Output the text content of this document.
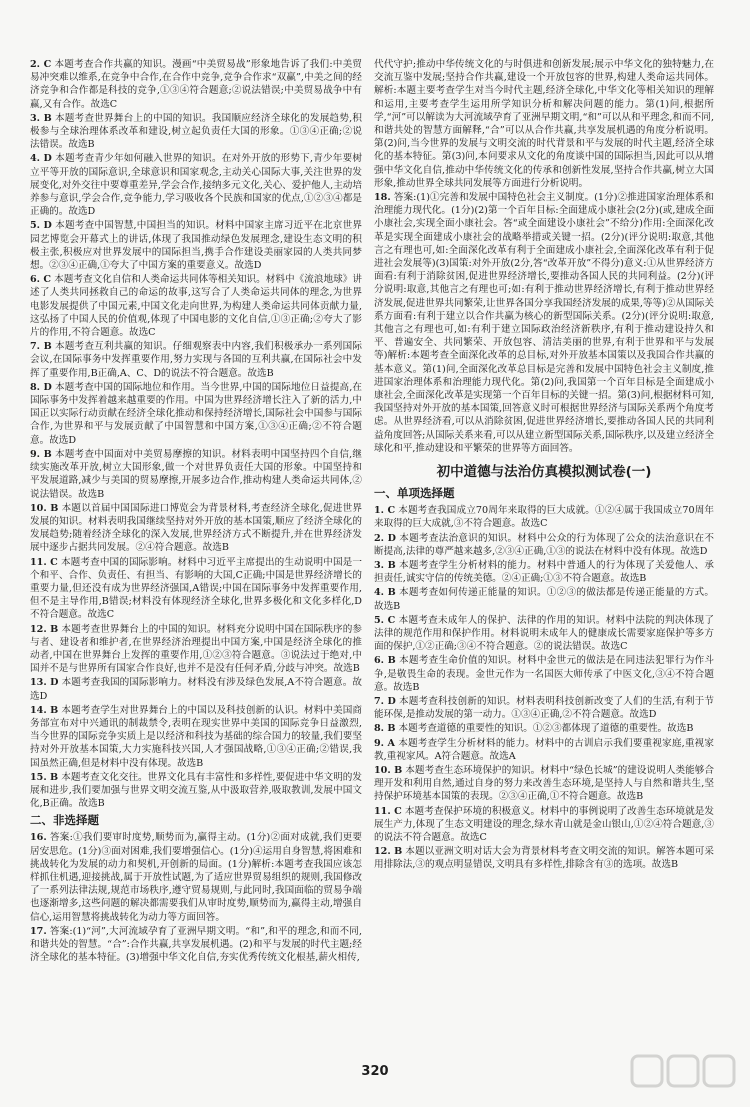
2. C 本题考查合作共赢的知识。漫画“中美贸易战”形象地告诉了我们:中美贸易冲突难以维系,在竞争中合作,在合作中竞争,竞争合作求“双赢”,中美之间的经济竞争和合作都是科技的竞争,①③④符合题意;②说法错误;中美贸易战争中有赢,又有合作。故选C
3. B 本题考查世界舞台上的中国的知识。我国顺应经济全球化的发展趋势,积极参与全球治理体系改革和建设,树立起负责任大国的形象。①③④正确;②说法错误。故选B
4. D 本题考查青少年如何融入世界的知识。在对外开放的形势下,青少年要树立平等开放的国际意识,全球意识和国家观念,主动关心国际大事,关注世界的发展变化,对外交往中要尊重差异,学会合作,接纳多元文化,关心、爱护他人,主动培养参与意识,学会合作,竞争能力,学习吸收各个民族和国家的优点,①②③④都是正确的。故选D
5. D 本题考查中国智慧,中国担当的知识。材料中国家主席习近平在北京世界园艺博览会开幕式上的讲话,体现了我国推动绿色发展理念,建设生态文明的积极主张,积极应对世界发展中的国际担当,携手合作建设美丽家园的人类共同梦想。②③④正确,①夸大了中国方案的重要意义。故选D
6. C 本题考查文化自信和人类命运共同体等相关知识。材料中《流浪地球》讲述了人类共同拯救自己的命运的故事,这写合了人类命运共同体的理念,为世界电影发展提供了中国元素,中国文化走向世界,为构建人类命运共同体贡献力量,这弘扬了中国人民的价值观,体现了中国电影的文化自信,①③正确;②夸大了影片的作用,不符合题意。故选C
7. B 本题考查互利共赢的知识。仔细观察表中内容,我们积极承办一系列国际会议,在国际事务中发挥重要作用,努力实现与各国的互利共赢,在国际社会中发挥了重要作用,B正确,A、C、D的说法不符合题意。故选B
8. D 本题考查中国的国际地位和作用。当今世界,中国的国际地位日益提高,在国际事务中发挥着越来越重要的作用。中国为世界经济增长注入了新的活力,中国正以实际行动贡献在经济全球化推动和保持经济增长,国际社会中国参与国际合作,为世界和平与发展贡献了中国智慧和中国方案,①③④正确;②不符合题意。故选D
9. B 本题考查中国面对中美贸易摩擦的知识。材料表明中国坚持四个自信,继续实施改革开放,树立大国形象,做一个对世界负责任大国的形象。中国坚持和平发展道路,减少与美国的贸易摩擦,开展多边合作,推动构建人类命运共同体,②说法错误。故选B
10. B 本题以首届中国国际进口博览会为背景材料,考查经济全球化,促进世界发展的知识。材料表明我国继续坚持对外开放的基本国策,顺应了经济全球化的发展趋势;随着经济全球化的深入发展,世界经济方式不断提升,并在世界经济发展中逐步占据共同发展。②④符合题意。故选B
11. C 本题考查中国的国际影响。材料中习近平主席提出的生动说明中国是一个和平、合作、负责任、有担当、有影响的大国,C正确;中国是世界经济增长的重要力量,但还没有成为世界经济强国,A错误;中国在国际事务中发挥重要作用,但不是主导作用,B错误;材料没有体现经济全球化,世界多极化和文化多样化,D不符合题意。故选C
12. B 本题考查世界舞台上的中国的知识。材料充分说明中国在国际秩序的参与者、建设者和维护者,在世界经济治理提出中国方案,中国是经济全球化的推动者,中国在世界舞台上发挥的重要作用,①②③符合题意。③说法过于绝对,中国并不是与世界所有国家合作良好,也并不是没有任何矛盾,分歧与冲突。故选B
13. D 本题考查我国的国际影响力。材料没有涉及绿色发展,A不符合题意。故选D
14. B 本题考查学生对世界舞台上的中国以及科技创新的认识。材料中美国商务部宣布对中兴通讯的制裁禁令,表明在现实世界中美国的国际竞争日益激烈,当今世界的国际竞争实质上是以经济和科技为基础的综合国力的较量,我们要坚持对外开放基本国策,大力实施科技兴国,人才强国战略,①③④正确;②错误,我国虽然正确,但是材料中没有体现。故选B
15. B 本题考查文化交往。世界文化具有丰富性和多样性,要促进中华文明的发展和进步,我们要加强与世界文明交流互鉴,从中汲取营养,吸取教训,发展中国文化,B正确。故选B
二、非选择题
16. 答案:①我们要审时度势,顺势而为,赢得主动。(1分)②面对成就,我们更要居安思危。(1分)③面对困难,我们要增强信心。(1分)④运用自身智慧,将困难和挑战转化为发展的动力和契机,开创新的局面。(1分)解析:本题考查我国应该怎样抓住机遇,迎接挑战,属于开放性试题,为了适应世界贸易组织的规则,我国修改了一系列法律法规,规范市场秩序,遵守贸易规则,与此同时,我国面临的贸易争端也逐渐增多,这些问题的解决都需要我们从审时度势,顺势而为,赢得主动,增强自信心,运用智慧将挑战转化为动力等方面回答。
17. 答案:(1)“河”,大河流域孕育了亚洲早期文明。“和”,和平的理念,和而不同,和谐共处的智慧。“合”:合作共赢,共享发展机遇。(2)和平与发展的时代主题;经济全球化的基本特征。(3)增强中华文化自信,夯实优秀传统文化根基,薪火相传,
代代守护;推动中华传统文化的与时俱进和创新发展;展示中华文化的独特魅力,在交流互鉴中发展;坚持合作共赢,建设一个开放包容的世界,构建人类命运共同体。解析:本题主要考查学生对当今时代主题,经济全球化,中华文化等相关知识的理解和运用,主要考查学生运用所学知识分析和解决问题的能力。第(1)问,根据所学,“河”可以解读为大河流域孕育了亚洲早期文明,“和”可以从和平理念,和而不同,和谐共处的智慧方面解释,“合”可以从合作共赢,共享发展机遇的角度分析说明。第(2)问,当今世界的发展与文明交流的时代背景和平与发展的时代主题,经济全球化的基本特征。第(3)问,本问要求从文化的角度谈中国的国际担当,因此可以从增强中华文化自信,推动中华传统文化的传承和创新性发展,坚持合作共赢,树立大国形象,推动世界全球共同发展等方面进行分析说明。
18. 答案:(1)①完善和发展中国特色社会主义制度。(1分)②推进国家治理体系和治理能力现代化。(1分)(2)第一个百年目标:全面建成小康社会(2分)(或,建成全面小康社会,实现全面小康社会。答“或全面建设小康社会”不给分)作用:全面深化改革是实现全面建成小康社会的战略举措或关键一招。(2分)(评分说明:取意,其他言之有理也可,如:全面深化改革有利于全面建成小康社会,全面深化改革有利于促进社会发展等)(3)国策:对外开放(2分,答“改革开放”不得分)意义:①从世界经济方面看:有利于消除贫困,促进世界经济增长,要推动各国人民的共同利益。(2分)(评分说明:取意,其他言之有理也可;如:有利于推动世界经济增长,有利于推动世界经济发展,促进世界共同繁荣,让世界各国分享我国经济发展的成果,等等)②从国际关系方面看:有利于建立以合作共赢为核心的新型国际关系。(2分)(评分说明:取意,其他言之有理也可,如:有利于建立国际政治经济新秩序,有利于推动建设持久和平、普遍安全、共同繁荣、开放包容、清洁美丽的世界,有利于世界和平与发展等)解析:本题考查全面深化改革的总目标,对外开放基本国策以及我国合作共赢的基本意义。第(1)问,全面深化改革总目标是完善和发展中国特色社会主义制度,推进国家治理体系和治理能力现代化。第(2)问,我国第一个百年目标是全面建成小康社会,全面深化改革是实现第一个百年目标的关键一招。第(3)问,根据材料可知,我国坚持对外开放的基本国策,回答意义时可根据世界经济与国际关系两个角度考虑。从世界经济看,可以从消除贫困,促进世界经济增长,要推动各国人民的共同利益角度回答;从国际关系来看,可以从建立新型国际关系,国际秩序,以及建立经济全球化和平,推动建设和平繁荣的世界等方面回答。
初中道德与法治仿真模拟测试卷(一)
一、单项选择题
1. C 本题考查我国成立70周年来取得的巨大成就。①②④属于我国成立70周年来取得的巨大成就,③不符合题意。故选C
2. D 本题考查法治意识的知识。材料中公众的行为体现了公众的法治意识在不断提高,法律的尊严越来越多,②③④正确,①③的说法在材料中没有体现。故选D
3. B 本题考查学生分析材料的能力。材料中普通人的行为体现了关爱他人、承担责任,诚实守信的传统美德。②④正确;①③不符合题意。故选B
4. B 本题考查如何传递正能量的知识。①②③的做法都是传递正能量的方式。故选B
5. C 本题考查未成年人的保护、法律的作用的知识。材料中法院的判决体现了法律的规范作用和保护作用。材料说明未成年人的健康成长需要家庭保护等多方面的保护,①②正确;③④不符合题意。②的说法错误。故选C
6. B 本题考查生命价值的知识。材料中金世元的做法是在同违法犯罪行为作斗争,是敬畏生命的表现。金世元作为一名国医大师传承了中医文化,③④不符合题意。故选B
7. D 本题考查科技创新的知识。材料表明科技创新改变了人们的生活,有利于节能环保,是推动发展的第一动力。①③④正确,②不符合题意。故选D
8. B 本题考查道德的重要性的知识。①②③都体现了道德的重要性。故选B
9. A 本题考查学生分析材料的能力。材料中的古训启示我们要重视家庭,重视家教,重视家风。A符合题意。故选A
10. B 本题考查生态环境保护的知识。材料中“绿色长城”的建设说明人类能够合理开发和利用自然,通过自身的努力来改善生态环境,是坚持人与自然和谐共生,坚持保护环境基本国策的表现。②③④正确,①不符合题意。故选B
11. C 本题考查保护环境的积极意义。材料中的事例说明了改善生态环境就是发展生产力,体现了生态文明建设的理念,绿水青山就是金山银山,①②④符合题意,③的说法不符合题意。故选C
12. B 本题以亚洲文明对话大会为背景材料考查文明交流的知识。解答本题可采用排除法,③的观点明显错误,文明具有多样性,排除含有③的选项。故选B
320
